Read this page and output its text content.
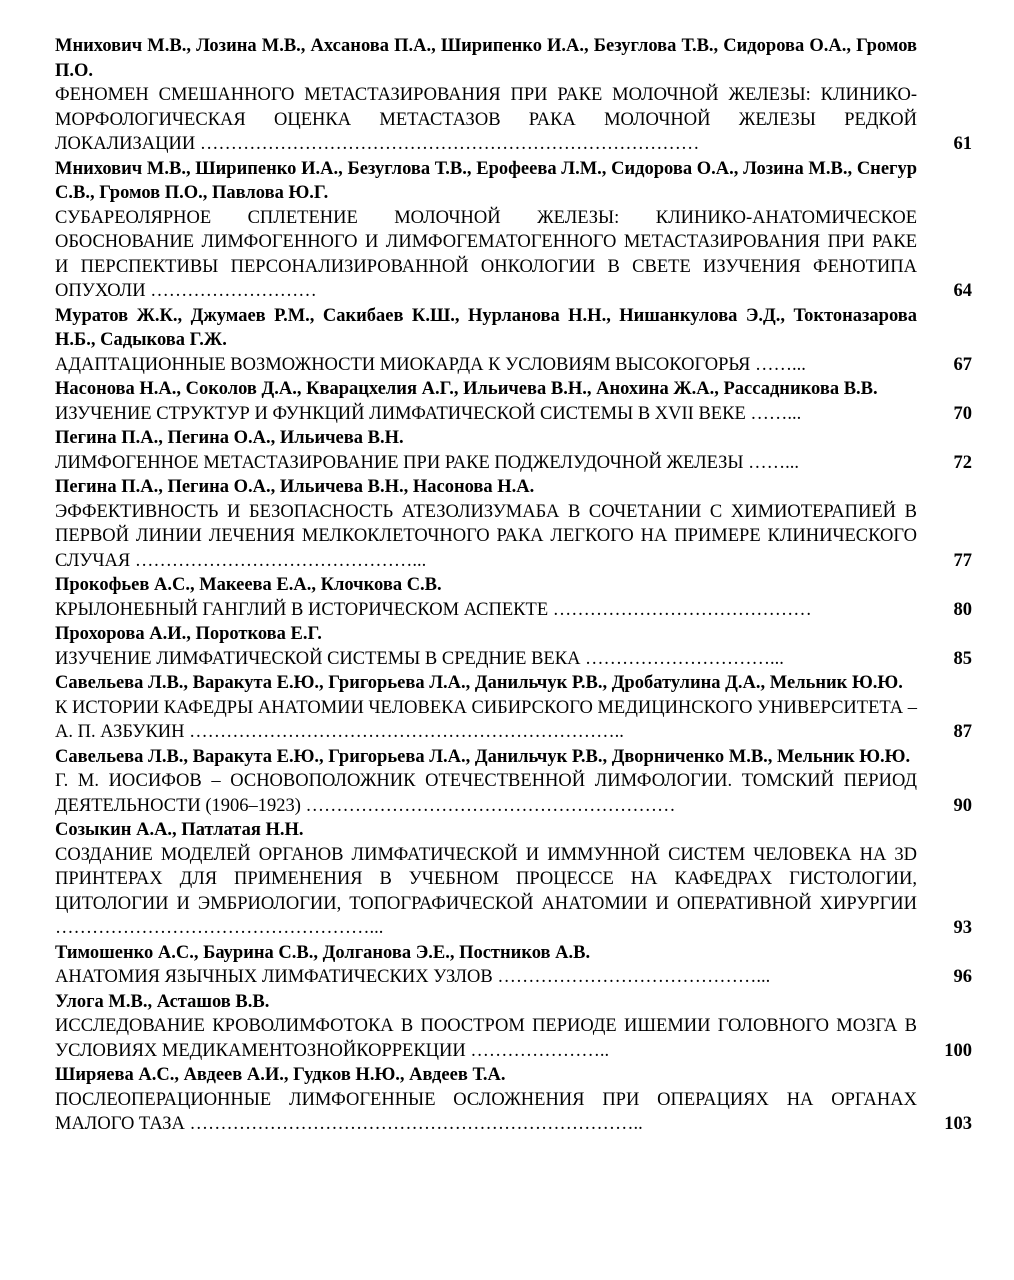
Мнихович М.В., Лозина М.В., Ахсанова П.А., Ширипенко И.А., Безуглова Т.В., Сидорова О.А., Громов П.О.
ФЕНОМЕН СМЕШАННОГО МЕТАСТАЗИРОВАНИЯ ПРИ РАКЕ МОЛОЧНОЙ ЖЕЛЕЗЫ: КЛИНИКО-МОРФОЛОГИЧЕСКАЯ ОЦЕНКА МЕТАСТАЗОВ РАКА МОЛОЧНОЙ ЖЕЛЕЗЫ РЕДКОЙ ЛОКАЛИЗАЦИИ ………………………………………………………………………	61
Мнихович М.В., Ширипенко И.А., Безуглова Т.В., Ерофеева Л.М., Сидорова О.А., Лозина М.В., Снегур С.В., Громов П.О., Павлова Ю.Г.
СУБАРЕОЛЯРНОЕ СПЛЕТЕНИЕ МОЛОЧНОЙ ЖЕЛЕЗЫ: КЛИНИКО-АНАТОМИЧЕСКОЕ ОБОСНОВАНИЕ ЛИМФОГЕННОГО И ЛИМФОГЕМАТОГЕННОГО МЕТАСТАЗИРОВАНИЯ ПРИ РАКЕ И ПЕРСПЕКТИВЫ ПЕРСОНАЛИЗИРОВАННОЙ ОНКОЛОГИИ В СВЕТЕ ИЗУЧЕНИЯ ФЕНОТИПА ОПУХОЛИ ………………………	64
Муратов Ж.К., Джумаев Р.М., Сакибаев К.Ш., Нурланова Н.Н., Нишанкулова Э.Д., Toктоназарова Н.Б., Садыкова Г.Ж.
АДАПТАЦИОННЫЕ ВОЗМОЖНОСТИ МИОКАРДА К УСЛОВИЯМ ВЫСОКОГОРЬЯ ……...	67
Насонова Н.А., Соколов Д.А., Кварацхелия А.Г., Ильичева В.Н., Анохина Ж.А., Рассадникова В.В.
ИЗУЧЕНИЕ СТРУКТУР И ФУНКЦИЙ ЛИМФАТИЧЕСКОЙ СИСТЕМЫ В XVII ВЕКЕ ……...	70
Пегина П.А., Пегина О.А., Ильичева В.Н.
ЛИМФОГЕННОЕ МЕТАСТАЗИРОВАНИЕ ПРИ РАКЕ ПОДЖЕЛУДОЧНОЙ ЖЕЛЕЗЫ ……...	72
Пегина П.А., Пегина О.А., Ильичева В.Н., Насонова Н.А.
ЭФФЕКТИВНОСТЬ И БЕЗОПАСНОСТЬ АТЕЗОЛИЗУМАБА В СОЧЕТАНИИ С ХИМИОТЕРАПИЕЙ В ПЕРВОЙ ЛИНИИ ЛЕЧЕНИЯ МЕЛКОКЛЕТОЧНОГО РАКА ЛЕГКОГО НА ПРИМЕРЕ КЛИНИЧЕСКОГО СЛУЧАЯ ………………………………………...	77
Прокофьев А.С., Макеева Е.А., Клочкова С.В.
КРЫЛОНЕБНЫЙ ГАНГЛИЙ В ИСТОРИЧЕСКОМ АСПЕКТЕ ……………………………………	80
Прохорова А.И., Пороткова Е.Г.
ИЗУЧЕНИЕ ЛИМФАТИЧЕСКОЙ СИСТЕМЫ В СРЕДНИЕ ВЕКА …………………………...	85
Савельева Л.В., Варакута Е.Ю., Григорьева Л.А., Данильчук Р.В., Дробатулина Д.А., Мельник Ю.Ю.
К ИСТОРИИ КАФЕДРЫ АНАТОМИИ ЧЕЛОВЕКА СИБИРСКОГО МЕДИЦИНСКОГО УНИВЕРСИТЕТА – А. П. АЗБУКИН ……………………………………………………………..	87
Савельева Л.В., Варакута Е.Ю., Григорьева Л.А., Данильчук Р.В., Дворниченко М.В., Мельник Ю.Ю.
Г. М. ИОСИФОВ – ОСНОВОПОЛОЖНИК ОТЕЧЕСТВЕННОЙ ЛИМФОЛОГИИ. ТОМСКИЙ ПЕРИОД ДЕЯТЕЛЬНОСТИ (1906–1923) ……………………………………………………	90
Созыкин А.А., Патлатая Н.Н.
СОЗДАНИЕ МОДЕЛЕЙ ОРГАНОВ ЛИМФАТИЧЕСКОЙ И ИММУННОЙ СИСТЕМ ЧЕЛОВЕКА НА 3D ПРИНТЕРАХ ДЛЯ ПРИМЕНЕНИЯ В УЧЕБНОМ ПРОЦЕССЕ НА КАФЕДРАХ ГИСТОЛОГИИ, ЦИТОЛОГИИ И ЭМБРИОЛОГИИ, ТОПОГРАФИЧЕСКОЙ АНАТОМИИ И ОПЕРАТИВНОЙ ХИРУРГИИ ……………………………………………...	93
Тимошенко А.С., Баурина С.В., Долганова Э.Е., Постников А.В.
АНАТОМИЯ ЯЗЫЧНЫХ ЛИМФАТИЧЕСКИХ УЗЛОВ ……………………………………...	96
Улога М.В., Асташов В.В.
ИССЛЕДОВАНИЕ КРОВОЛИМФОТОКА В ПООСТРОМ ПЕРИОДЕ ИШЕМИИ ГОЛОВНОГО МОЗГА В УСЛОВИЯХ МЕДИКАМЕНТОЗНОЙКОРРЕКЦИИ …………………..	100
Ширяева А.С., Авдеев А.И., Гудков Н.Ю., Авдеев Т.А.
ПОСЛЕОПЕРАЦИОННЫЕ ЛИМФОГЕННЫЕ ОСЛОЖНЕНИЯ ПРИ ОПЕРАЦИЯХ НА ОРГАНАХ МАЛОГО ТАЗА ………………………………………………………………..	103
